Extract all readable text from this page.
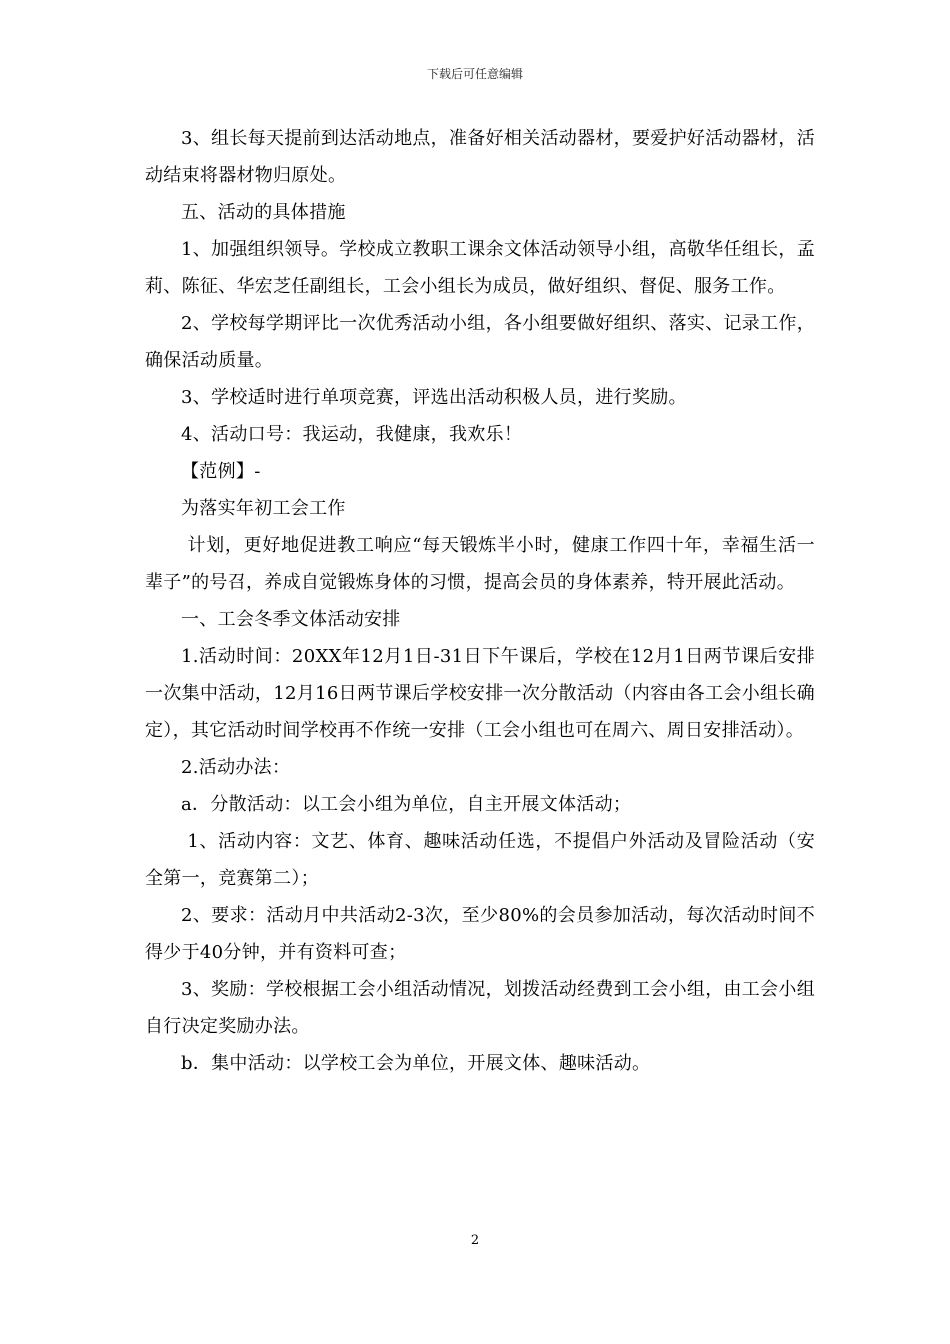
下载后可任意编辑

3、组长每天提前到达活动地点，准备好相关活动器材，要爱护好活动器材，活动结束将器材物归原处。

五、活动的具体措施

1、加强组织领导。学校成立教职工课余文体活动领导小组，高敬华任组长，孟莉、陈征、华宏芝任副组长，工会小组长为成员，做好组织、督促、服务工作。

2、学校每学期评比一次优秀活动小组，各小组要做好组织、落实、记录工作，确保活动质量。

3、学校适时进行单项竞赛，评选出活动积极人员，进行奖励。

4、活动口号：我运动，我健康，我欢乐！

【范例】-

为落实年初工会工作

计划，更好地促进教工响应“每天锻炼半小时，健康工作四十年，幸福生活一辈子”的号召，养成自觉锻炼身体的习惯，提高会员的身体素养，特开展此活动。

一、工会冬季文体活动安排

1.活动时间：20XX年12月1日-31日下午课后，学校在12月1日两节课后安排一次集中活动，12月16日两节课后学校安排一次分散活动（内容由各工会小组长确定），其它活动时间学校再不作统一安排（工会小组也可在周六、周日安排活动）。

2.活动办法：

a．分散活动：以工会小组为单位，自主开展文体活动；

1、活动内容：文艺、体育、趣味活动任选，不提倡户外活动及冒险活动（安全第一，竞赛第二）；

2、要求：活动月中共活动2-3次，至少80%的会员参加活动，每次活动时间不得少于40分钟，并有资料可查；

3、奖励：学校根据工会小组活动情况，划拨活动经费到工会小组，由工会小组自行决定奖励办法。

b．集中活动：以学校工会为单位，开展文体、趣味活动。

2
